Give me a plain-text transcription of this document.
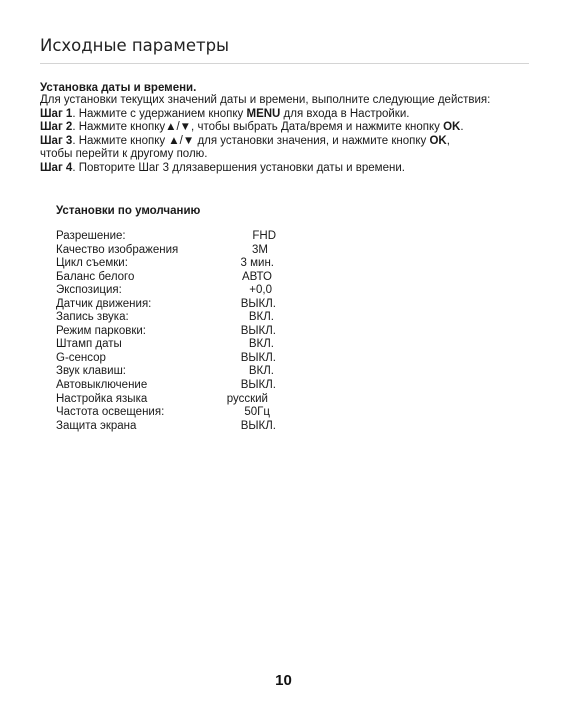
Исходные параметры
Установка даты и времени.
Для установки текущих значений даты и времени, выполните следующие действия:
Шаг 1. Нажмите с удержанием кнопку MENU для входа в Настройки.
Шаг 2. Нажмите кнопку▲/▼, чтобы выбрать Дата/время и нажмите кнопку OK.
Шаг 3. Нажмите кнопку ▲/▼ для установки значения, и нажмите кнопку OK,
чтобы перейти к другому полю.
Шаг 4. Повторите Шаг 3 длязавершения установки даты и времени.
Установки по умолчанию
Разрешение:	FHD
Качество изображения	3M
Цикл съемки:	3 мин.
Баланс белого	АВТО
Экспозиция:	+0,0
Датчик движения:	ВЫКЛ.
Запись звука:	ВКЛ.
Режим парковки:	ВЫКЛ.
Штамп даты	ВКЛ.
G-сенсор	ВЫКЛ.
Звук клавиш:	ВКЛ.
Автовыключение	ВЫКЛ.
Настройка языка	русский
Частота освещения:	50Гц
Защита экрана	ВЫКЛ.
10
